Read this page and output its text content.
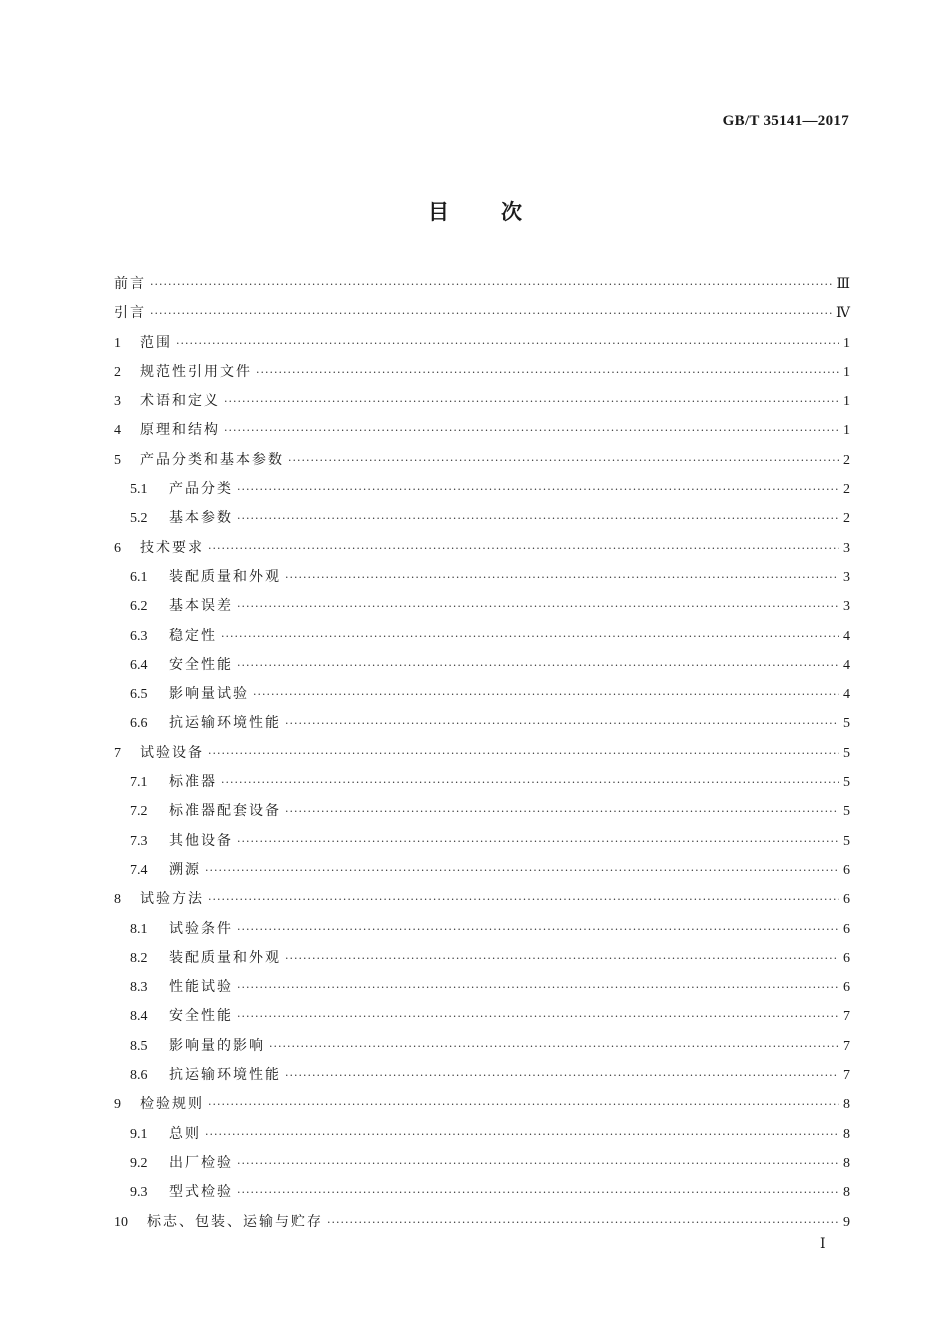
GB/T 35141—2017
目次
前言 ·····	Ⅲ
引言 ·····	Ⅳ
1	范围 ·····	1
2	规范性引用文件 ·····	1
3	术语和定义 ·····	1
4	原理和结构 ·····	1
5	产品分类和基本参数 ·····	2
5.1	产品分类 ·····	2
5.2	基本参数 ·····	2
6	技术要求 ·····	3
6.1	装配质量和外观 ·····	3
6.2	基本误差 ·····	3
6.3	稳定性 ·····	4
6.4	安全性能 ·····	4
6.5	影响量试验 ·····	4
6.6	抗运输环境性能 ·····	5
7	试验设备 ·····	5
7.1	标准器 ·····	5
7.2	标准器配套设备 ·····	5
7.3	其他设备 ·····	5
7.4	溯源 ·····	6
8	试验方法 ·····	6
8.1	试验条件 ·····	6
8.2	装配质量和外观 ·····	6
8.3	性能试验 ·····	6
8.4	安全性能 ·····	7
8.5	影响量的影响 ·····	7
8.6	抗运输环境性能 ·····	7
9	检验规则 ·····	8
9.1	总则 ·····	8
9.2	出厂检验 ·····	8
9.3	型式检验 ·····	8
10	标志、包装、运输与贮存 ·····	9
Ⅰ
